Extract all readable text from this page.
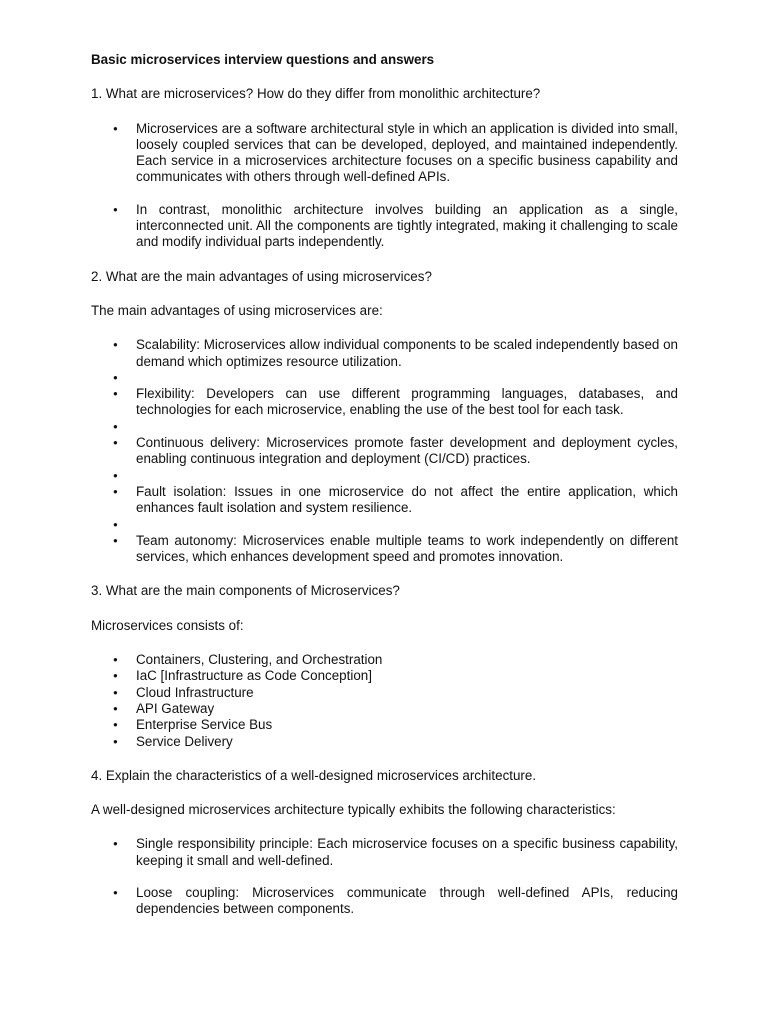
Basic microservices interview questions and answers
1. What are microservices? How do they differ from monolithic architecture?
● Microservices are a software architectural style in which an application is divided into small, loosely coupled services that can be developed, deployed, and maintained independently. Each service in a microservices architecture focuses on a specific business capability and communicates with others through well-defined APIs.
● In contrast, monolithic architecture involves building an application as a single, interconnected unit. All the components are tightly integrated, making it challenging to scale and modify individual parts independently.
2. What are the main advantages of using microservices?
The main advantages of using microservices are:
● Scalability: Microservices allow individual components to be scaled independently based on demand which optimizes resource utilization.
●
● Flexibility: Developers can use different programming languages, databases, and technologies for each microservice, enabling the use of the best tool for each task.
●
● Continuous delivery: Microservices promote faster development and deployment cycles, enabling continuous integration and deployment (CI/CD) practices.
●
● Fault isolation: Issues in one microservice do not affect the entire application, which enhances fault isolation and system resilience.
●
● Team autonomy: Microservices enable multiple teams to work independently on different services, which enhances development speed and promotes innovation.
3. What are the main components of Microservices?
Microservices consists of:
● Containers, Clustering, and Orchestration
● IaC [Infrastructure as Code Conception]
● Cloud Infrastructure
● API Gateway
● Enterprise Service Bus
● Service Delivery
4. Explain the characteristics of a well-designed microservices architecture.
A well-designed microservices architecture typically exhibits the following characteristics:
● Single responsibility principle: Each microservice focuses on a specific business capability, keeping it small and well-defined.
● Loose coupling: Microservices communicate through well-defined APIs, reducing dependencies between components.
